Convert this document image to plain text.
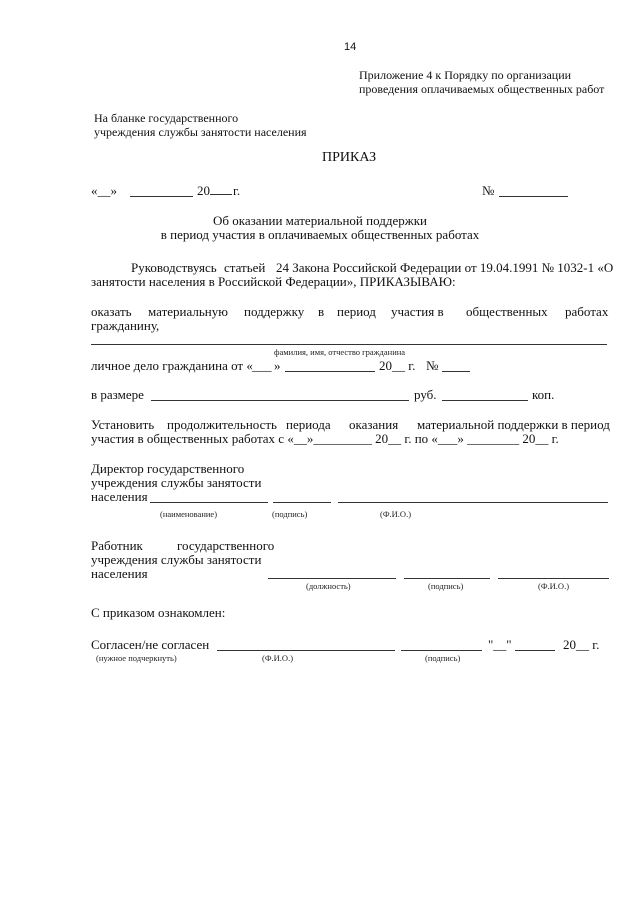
14
Приложение 4 к Порядку по организации
проведения оплачиваемых общественных работ
На бланке государственного
учреждения службы занятости населения
ПРИКАЗ
«__»	20	г.	№
Об оказании материальной поддержки
в период участия в оплачиваемых общественных работах
Руководствуясь статьей 24 Закона Российской Федерации от 19.04.1991 № 1032-1 «О
занятости населения в Российской Федерации», ПРИКАЗЫВАЮ:
оказать материальную поддержку в период участия в общественных работах
гражданину,
фамилия, имя, отчество гражданина
личное дело гражданина от « ___ »	20__ г. №
в размере	руб.	коп.
Установить продолжительность периода оказания материальной поддержки в период
участия в общественных работах с «__»_________ 20__ г. по «___» ________ 20__ г.
Директор государственного
учреждения службы занятости
населения
(наименование)	(подпись)	(Ф.И.О.)
Работник	государственного
учреждения службы занятости
населения
(должность)	(подпись)	(Ф.И.О.)
С приказом ознакомлен:
Согласен/не согласен	"__"	20__ г.
(нужное подчеркнуть)	(Ф.И.О.)	(подпись)
